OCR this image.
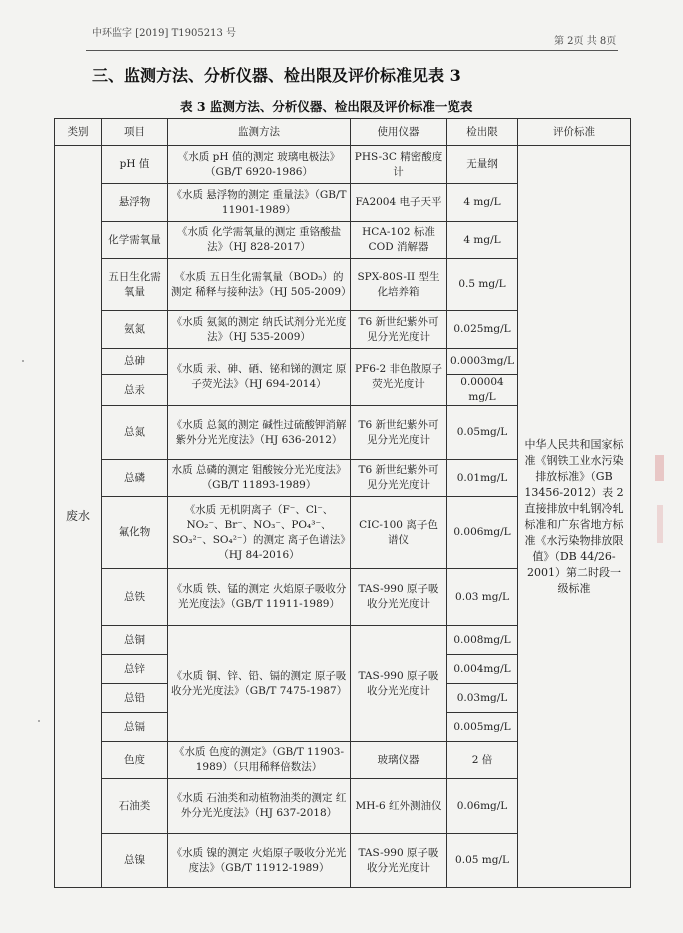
中环监字 [2019] T1905213 号
第 2页 共 8页
三、监测方法、分析仪器、检出限及评价标准见表 3
表 3 监测方法、分析仪器、检出限及评价标准一览表
类别	项目	监测方法	使用仪器	检出限	评价标准
废水	pH 值	《水质 pH 值的测定 玻璃电极法》（GB/T 6920-1986）	PHS-3C 精密酸度计	无量纲	中华人民共和国家标准《钢铁工业水污染排放标准》（GB 13456-2012）表 2 直接排放中轧钢冷轧标准和广东省地方标准《水污染物排放限值》（DB 44/26-2001）第二时段一级标准
	悬浮物	《水质 悬浮物的测定 重量法》（GB/T 11901-1989）	FA2004 电子天平	4 mg/L	
	化学需氧量	《水质 化学需氧量的测定 重铬酸盐法》（HJ 828-2017）	HCA-102 标准COD 消解器	4 mg/L	
	五日生化需氧量	《水质 五日生化需氧量（BOD₅）的测定 稀释与接种法》（HJ 505-2009）	SPX-80S-II 型生化培养箱	0.5 mg/L	
	氨氮	《水质 氨氮的测定 纳氏试剂分光光度法》（HJ 535-2009）	T6 新世纪紫外可见分光光度计	0.025mg/L	
	总砷	《水质 汞、砷、硒、铋和锑的测定 原子荧光法》（HJ 694-2014）	PF6-2 非色散原子荧光光度计	0.0003mg/L	
	总汞			0.00004 mg/L	
	总氮	《水质 总氮的测定 碱性过硫酸钾消解紫外分光光度法》（HJ 636-2012）	T6 新世纪紫外可见分光光度计	0.05mg/L	
	总磷	水质 总磷的测定 钼酸铵分光光度法》（GB/T 11893-1989）	T6 新世纪紫外可见分光光度计	0.01mg/L	
	氟化物	《水质 无机阴离子（F⁻、Cl⁻、NO₂⁻、Br⁻、NO₃⁻、PO₄³⁻、SO₃²⁻、SO₄²⁻）的测定 离子色谱法》（HJ 84-2016）	CIC-100 离子色谱仪	0.006mg/L	
	总铁	《水质 铁、锰的测定 火焰原子吸收分光光度法》（GB/T 11911-1989）	TAS-990 原子吸收分光光度计	0.03 mg/L	
	总铜	《水质 铜、锌、铅、镉的测定 原子吸收分光光度法》（GB/T 7475-1987）	TAS-990 原子吸收分光光度计	0.008mg/L	
	总锌			0.004mg/L	
	总铅			0.03mg/L	
	总镉			0.005mg/L	
	色度	《水质 色度的测定》（GB/T 11903-1989）（只用稀释倍数法）	玻璃仪器	2 倍	
	石油类	《水质 石油类和动植物油类的测定 红外分光光度法》（HJ 637-2018）	MH-6 红外测油仪	0.06mg/L	
	总镍	《水质 镍的测定 火焰原子吸收分光光度法》（GB/T 11912-1989）	TAS-990 原子吸收分光光度计	0.05 mg/L	
